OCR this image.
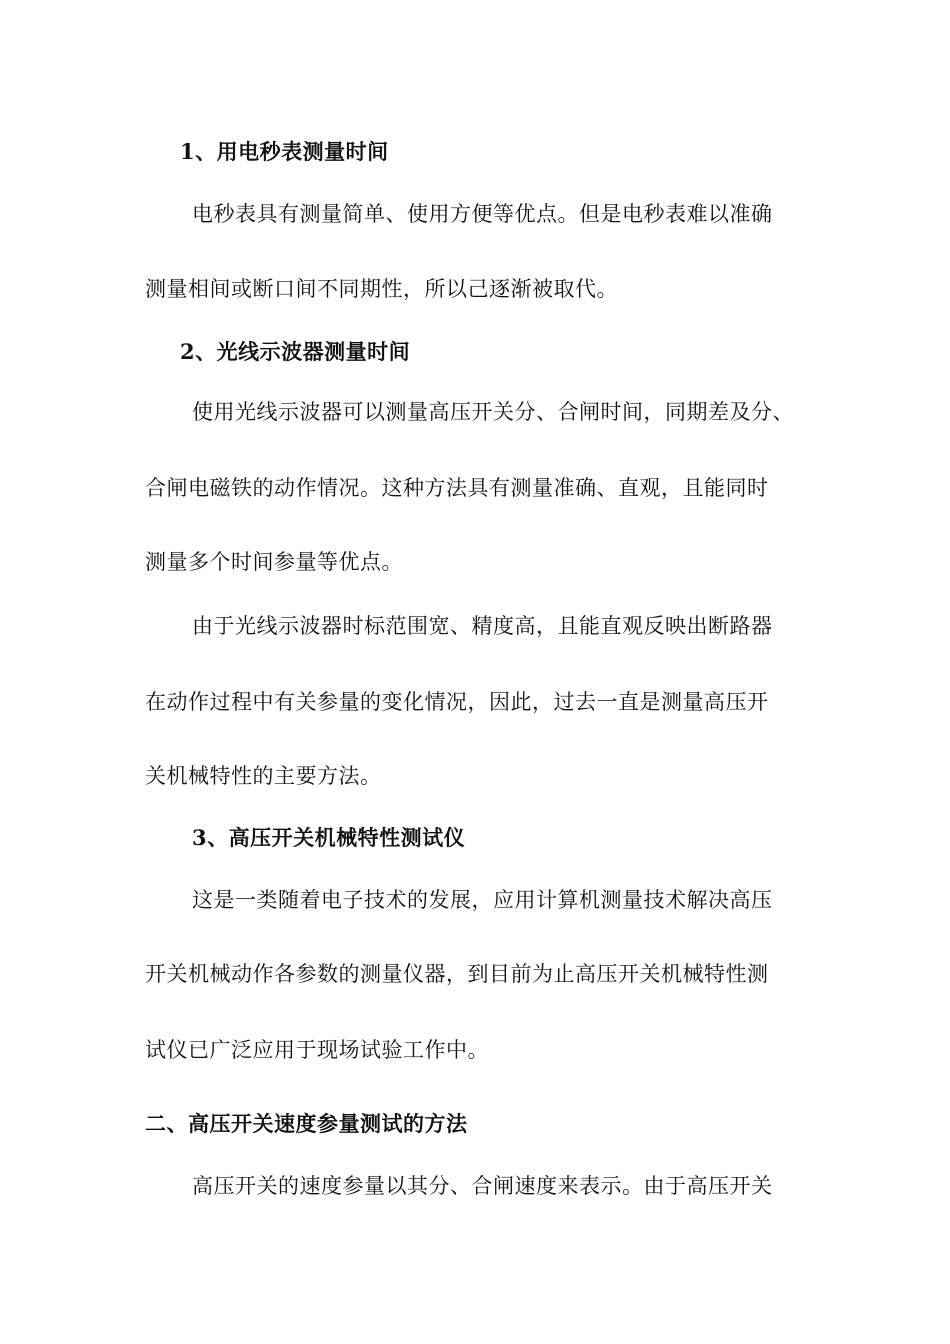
1、用电秒表测量时间
电秒表具有测量简单、使用方便等优点。但是电秒表难以准确
测量相间或断口间不同期性，所以己逐渐被取代。
2、光线示波器测量时间
使用光线示波器可以测量高压开关分、合闸时间，同期差及分、
合闸电磁铁的动作情况。这种方法具有测量准确、直观，且能同时
测量多个时间参量等优点。
由于光线示波器时标范围宽、精度高，且能直观反映出断路器
在动作过程中有关参量的变化情况，因此，过去一直是测量高压开
关机械特性的主要方法。
3、高压开关机械特性测试仪
这是一类随着电子技术的发展，应用计算机测量技术解决高压
开关机械动作各参数的测量仪器，到目前为止高压开关机械特性测
试仪已广泛应用于现场试验工作中。
二、高压开关速度参量测试的方法
高压开关的速度参量以其分、合闸速度来表示。由于高压开关
